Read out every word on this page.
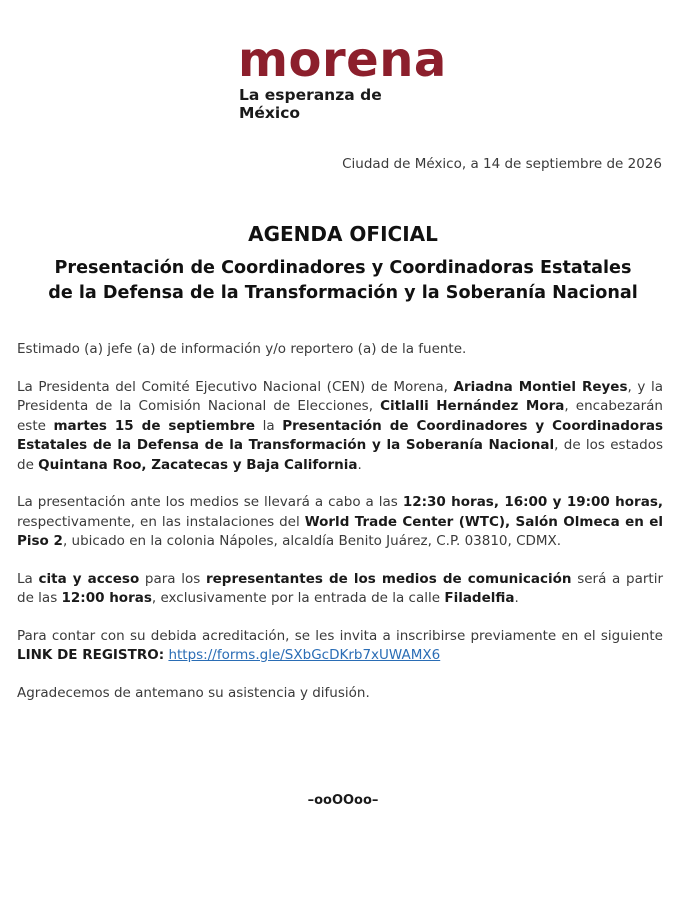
morena
La esperanza de México
Ciudad de México, a 14 de septiembre de 2026
AGENDA OFICIAL
Presentación de Coordinadores y Coordinadoras Estatales
de la Defensa de la Transformación y la Soberanía Nacional

Estimado (a) jefe (a) de información y/o reportero (a) de la fuente.

La Presidenta del Comité Ejecutivo Nacional (CEN) de Morena, Ariadna Montiel Reyes, y la Presidenta de la Comisión Nacional de Elecciones, Citlalli Hernández Mora, encabezarán este martes 15 de septiembre la Presentación de Coordinadores y Coordinadoras Estatales de la Defensa de la Transformación y la Soberanía Nacional, de los estados de Quintana Roo, Zacatecas y Baja California.

La presentación ante los medios se llevará a cabo a las 12:30 horas, 16:00 y 19:00 horas, respectivamente, en las instalaciones del World Trade Center (WTC), Salón Olmeca en el Piso 2, ubicado en la colonia Nápoles, alcaldía Benito Juárez, C.P. 03810, CDMX.

La cita y acceso para los representantes de los medios de comunicación será a partir de las 12:00 horas, exclusivamente por la entrada de la calle Filadelfia.

Para contar con su debida acreditación, se les invita a inscribirse previamente en el siguiente LINK DE REGISTRO: https://forms.gle/SXbGcDKrb7xUWAMX6

Agradecemos de antemano su asistencia y difusión.

–ooOOoo–
